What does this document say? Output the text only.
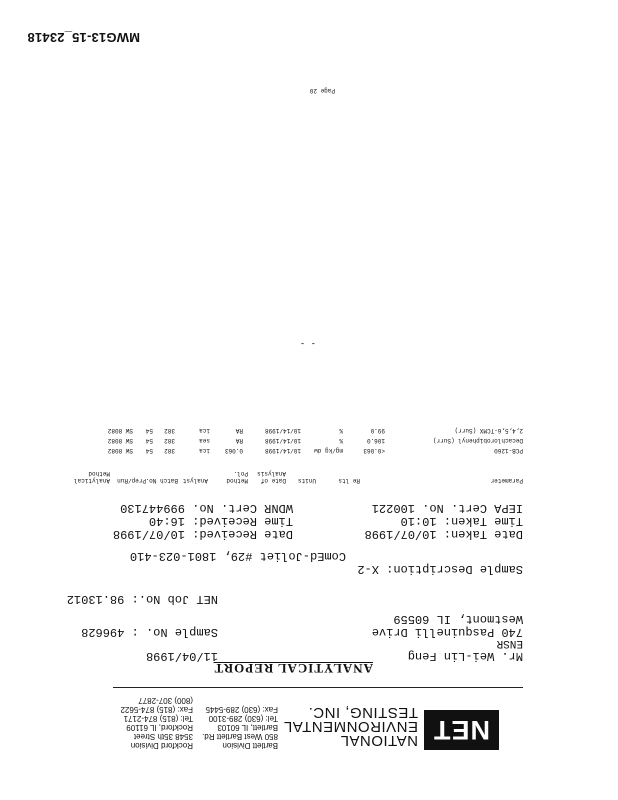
NET
NATIONAL
ENVIRONMENTAL
TESTING, INC.
Bartlett Division
850 West Bartlett Rd.
Bartlett, IL 60103
Tel: (630) 289-3100
Fax: (630) 289-5445
Rockford Division
3548 35th Street
Rockford, IL 61109
Tel: (815) 874-2171
Fax: (815) 874-5622
(800) 307-2877
ANALYTICAL REPORT
Mr. Wei-Lin Feng
11/04/1998
ENSR
740 Pasquinelli Drive
Sample No. : 496628
Westmont, IL 60559
NET Job No.: 98.13012
Sample Description: X-2
ComEd-Joliet #29, 1801-023-410
Date Taken: 10/07/1998
Date Received: 10/07/1998
Time Taken: 10:10
Time Received: 16:40
IEPA Cert. No. 100221
WDNR Cert. No. 999447130
Parameter
Re lts
Units
Date of Analysis
Method Pol.
Analyst
Batch No.
Prep/Run
Analytical Method
PCB-1260
<0.063
mg/kg dw
10/14/1998
0.063
ica
382
54
SW 8082
Decachlorobiphenyl (Surr)
106.0
%
10/14/1998
RA
sea
382
54
SW 8082
2,4,5,6-TCMX (Surr)
99.0
%
10/14/1998
RA
ica
382
54
SW 8082
- -
Page 20
MWG13-15_23418
